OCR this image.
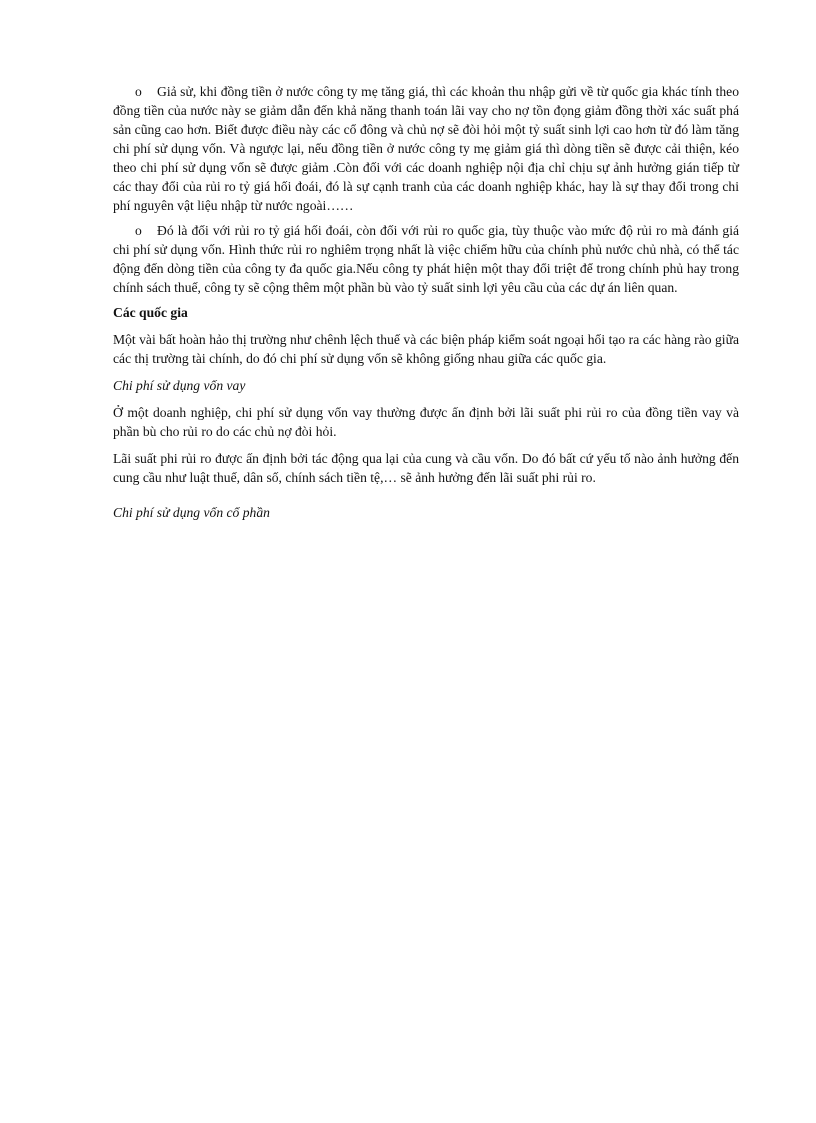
o Giả sử, khi đồng tiền ở nước công ty mẹ tăng giá, thì các khoản thu nhập gửi về từ quốc gia khác tính theo đồng tiền của nước này se giảm dẫn đến khả năng thanh toán lãi vay cho nợ tồn đọng giảm đồng thời xác suất phá sản cũng cao hơn. Biết được điều này các cổ đông và chủ nợ sẽ đòi hỏi một tỷ suất sinh lợi cao hơn từ đó làm tăng chi phí sử dụng vốn. Và ngược lại, nếu đồng tiền ở nước công ty mẹ giảm giá thì dòng tiền sẽ được cải thiện, kéo theo chi phí sử dụng vốn sẽ được giảm .Còn đối với các doanh nghiệp nội địa chỉ chịu sự ảnh hưởng gián tiếp từ các thay đổi của rủi ro tỷ giá hối đoái, đó là sự cạnh tranh của các doanh nghiệp khác, hay là sự thay đổi trong chi phí nguyên vật liệu nhập từ nước ngoài……

o Đó là đối với rủi ro tỷ giá hối đoái, còn đối với rủi ro quốc gia, tùy thuộc vào mức độ rủi ro mà đánh giá chi phí sử dụng vốn. Hình thức rủi ro nghiêm trọng nhất là việc chiếm hữu của chính phủ nước chủ nhà, có thể tác động đến dòng tiền của công ty đa quốc gia.Nếu công ty phát hiện một thay đổi triệt để trong chính phủ hay trong chính sách thuế, công ty sẽ cộng thêm một phần bù vào tỷ suất sinh lợi yêu cầu của các dự án liên quan.

Các quốc gia

Một vài bất hoàn hảo thị trường như chênh lệch thuế và các biện pháp kiểm soát ngoại hối tạo ra các hàng rào giữa các thị trường tài chính, do đó chi phí sử dụng vốn sẽ không giống nhau giữa các quốc gia.

Chi phí sử dụng vốn vay

Ở một doanh nghiệp, chi phí sử dụng vốn vay thường được ấn định bởi lãi suất phi rủi ro của đồng tiền vay và phần bù cho rủi ro do các chủ nợ đòi hỏi.

Lãi suất phi rủi ro được ấn định bởi tác động qua lại của cung và cầu vốn. Do đó bất cứ yếu tố nào ảnh hưởng đến cung cầu như luật thuế, dân số, chính sách tiền tệ,… sẽ ảnh hưởng đến lãi suất phi rủi ro.

Chi phí sử dụng vốn cổ phần
